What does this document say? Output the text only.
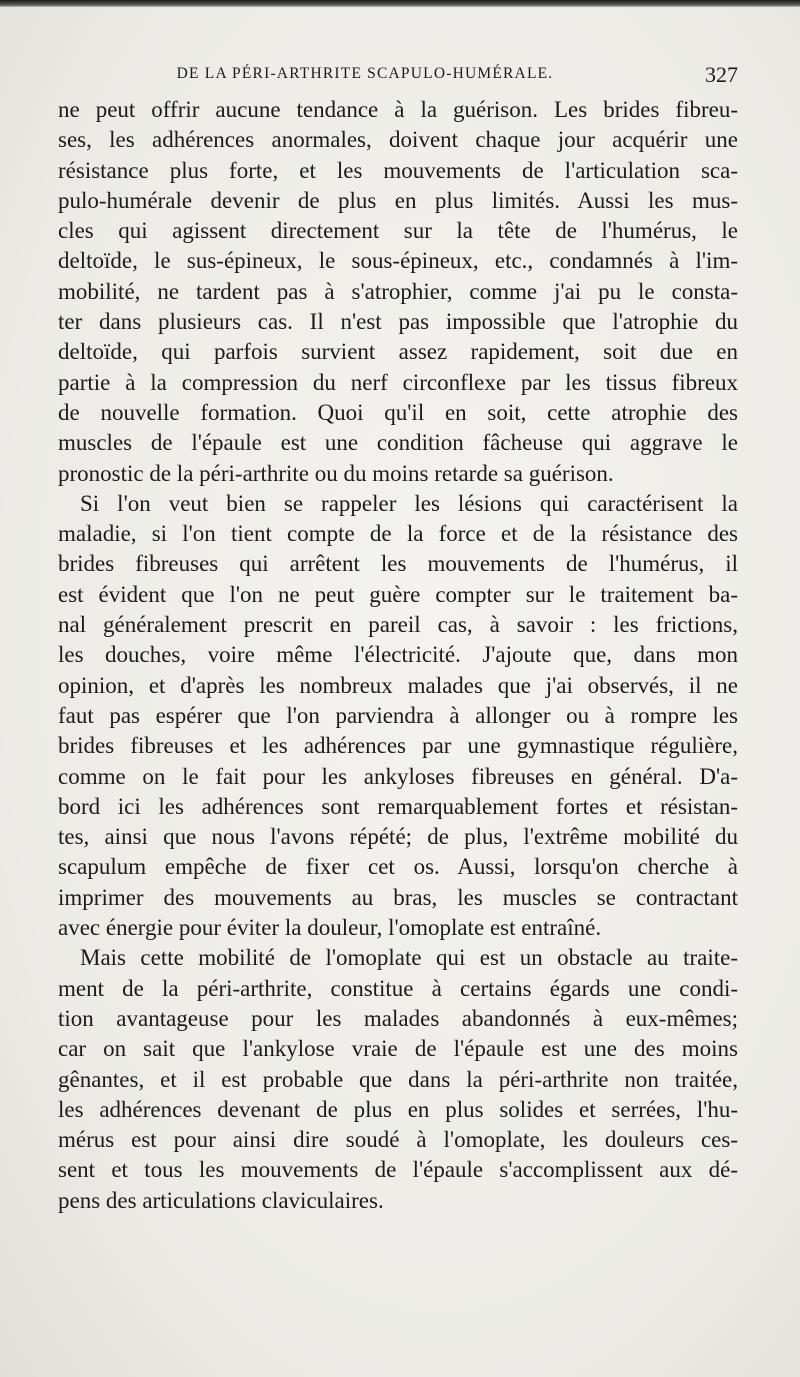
DE LA PÉRI-ARTHRITE SCAPULO-HUMÉRALE.	327
ne peut offrir aucune tendance à la guérison. Les brides fibreu-
ses, les adhérences anormales, doivent chaque jour acquérir une
résistance plus forte, et les mouvements de l'articulation sca-
pulo-humérale devenir de plus en plus limités. Aussi les mus-
cles qui agissent directement sur la tête de l'humérus, le
deltoïde, le sus-épineux, le sous-épineux, etc., condamnés à l'im-
mobilité, ne tardent pas à s'atrophier, comme j'ai pu le consta-
ter dans plusieurs cas. Il n'est pas impossible que l'atrophie du
deltoïde, qui parfois survient assez rapidement, soit due en
partie à la compression du nerf circonflexe par les tissus fibreux
de nouvelle formation. Quoi qu'il en soit, cette atrophie des
muscles de l'épaule est une condition fâcheuse qui aggrave le
pronostic de la péri-arthrite ou du moins retarde sa guérison.
Si l'on veut bien se rappeler les lésions qui caractérisent la
maladie, si l'on tient compte de la force et de la résistance des
brides fibreuses qui arrêtent les mouvements de l'humérus, il
est évident que l'on ne peut guère compter sur le traitement ba-
nal généralement prescrit en pareil cas, à savoir : les frictions,
les douches, voire même l'électricité. J'ajoute que, dans mon
opinion, et d'après les nombreux malades que j'ai observés, il ne
faut pas espérer que l'on parviendra à allonger ou à rompre les
brides fibreuses et les adhérences par une gymnastique régulière,
comme on le fait pour les ankyloses fibreuses en général. D'a-
bord ici les adhérences sont remarquablement fortes et résistan-
tes, ainsi que nous l'avons répété; de plus, l'extrême mobilité du
scapulum empêche de fixer cet os. Aussi, lorsqu'on cherche à
imprimer des mouvements au bras, les muscles se contractant
avec énergie pour éviter la douleur, l'omoplate est entraîné.
Mais cette mobilité de l'omoplate qui est un obstacle au traite-
ment de la péri-arthrite, constitue à certains égards une condi-
tion avantageuse pour les malades abandonnés à eux-mêmes;
car on sait que l'ankylose vraie de l'épaule est une des moins
gênantes, et il est probable que dans la péri-arthrite non traitée,
les adhérences devenant de plus en plus solides et serrées, l'hu-
mérus est pour ainsi dire soudé à l'omoplate, les douleurs ces-
sent et tous les mouvements de l'épaule s'accomplissent aux dé-
pens des articulations claviculaires.
